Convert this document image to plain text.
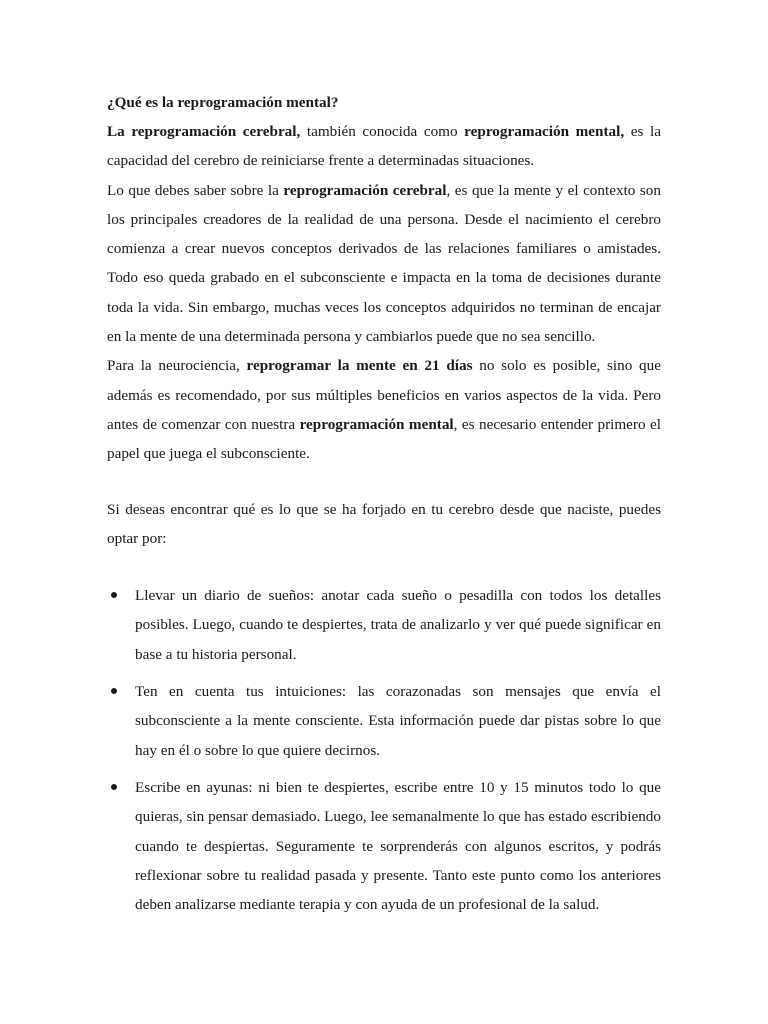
¿Qué es la reprogramación mental?

La reprogramación cerebral, también conocida como reprogramación mental, es la capacidad del cerebro de reiniciarse frente a determinadas situaciones.

Lo que debes saber sobre la reprogramación cerebral, es que la mente y el contexto son los principales creadores de la realidad de una persona. Desde el nacimiento el cerebro comienza a crear nuevos conceptos derivados de las relaciones familiares o amistades. Todo eso queda grabado en el subconsciente e impacta en la toma de decisiones durante toda la vida. Sin embargo, muchas veces los conceptos adquiridos no terminan de encajar en la mente de una determinada persona y cambiarlos puede que no sea sencillo.

Para la neurociencia, reprogramar la mente en 21 días no solo es posible, sino que además es recomendado, por sus múltiples beneficios en varios aspectos de la vida. Pero antes de comenzar con nuestra reprogramación mental, es necesario entender primero el papel que juega el subconsciente.

Si deseas encontrar qué es lo que se ha forjado en tu cerebro desde que naciste, puedes optar por:

Llevar un diario de sueños: anotar cada sueño o pesadilla con todos los detalles posibles. Luego, cuando te despiertes, trata de analizarlo y ver qué puede significar en base a tu historia personal.
Ten en cuenta tus intuiciones: las corazonadas son mensajes que envía el subconsciente a la mente consciente. Esta información puede dar pistas sobre lo que hay en él o sobre lo que quiere decirnos.
Escribe en ayunas: ni bien te despiertes, escribe entre 10 y 15 minutos todo lo que quieras, sin pensar demasiado. Luego, lee semanalmente lo que has estado escribiendo cuando te despiertas. Seguramente te sorprenderás con algunos escritos, y podrás reflexionar sobre tu realidad pasada y presente. Tanto este punto como los anteriores deben analizarse mediante terapia y con ayuda de un profesional de la salud.
